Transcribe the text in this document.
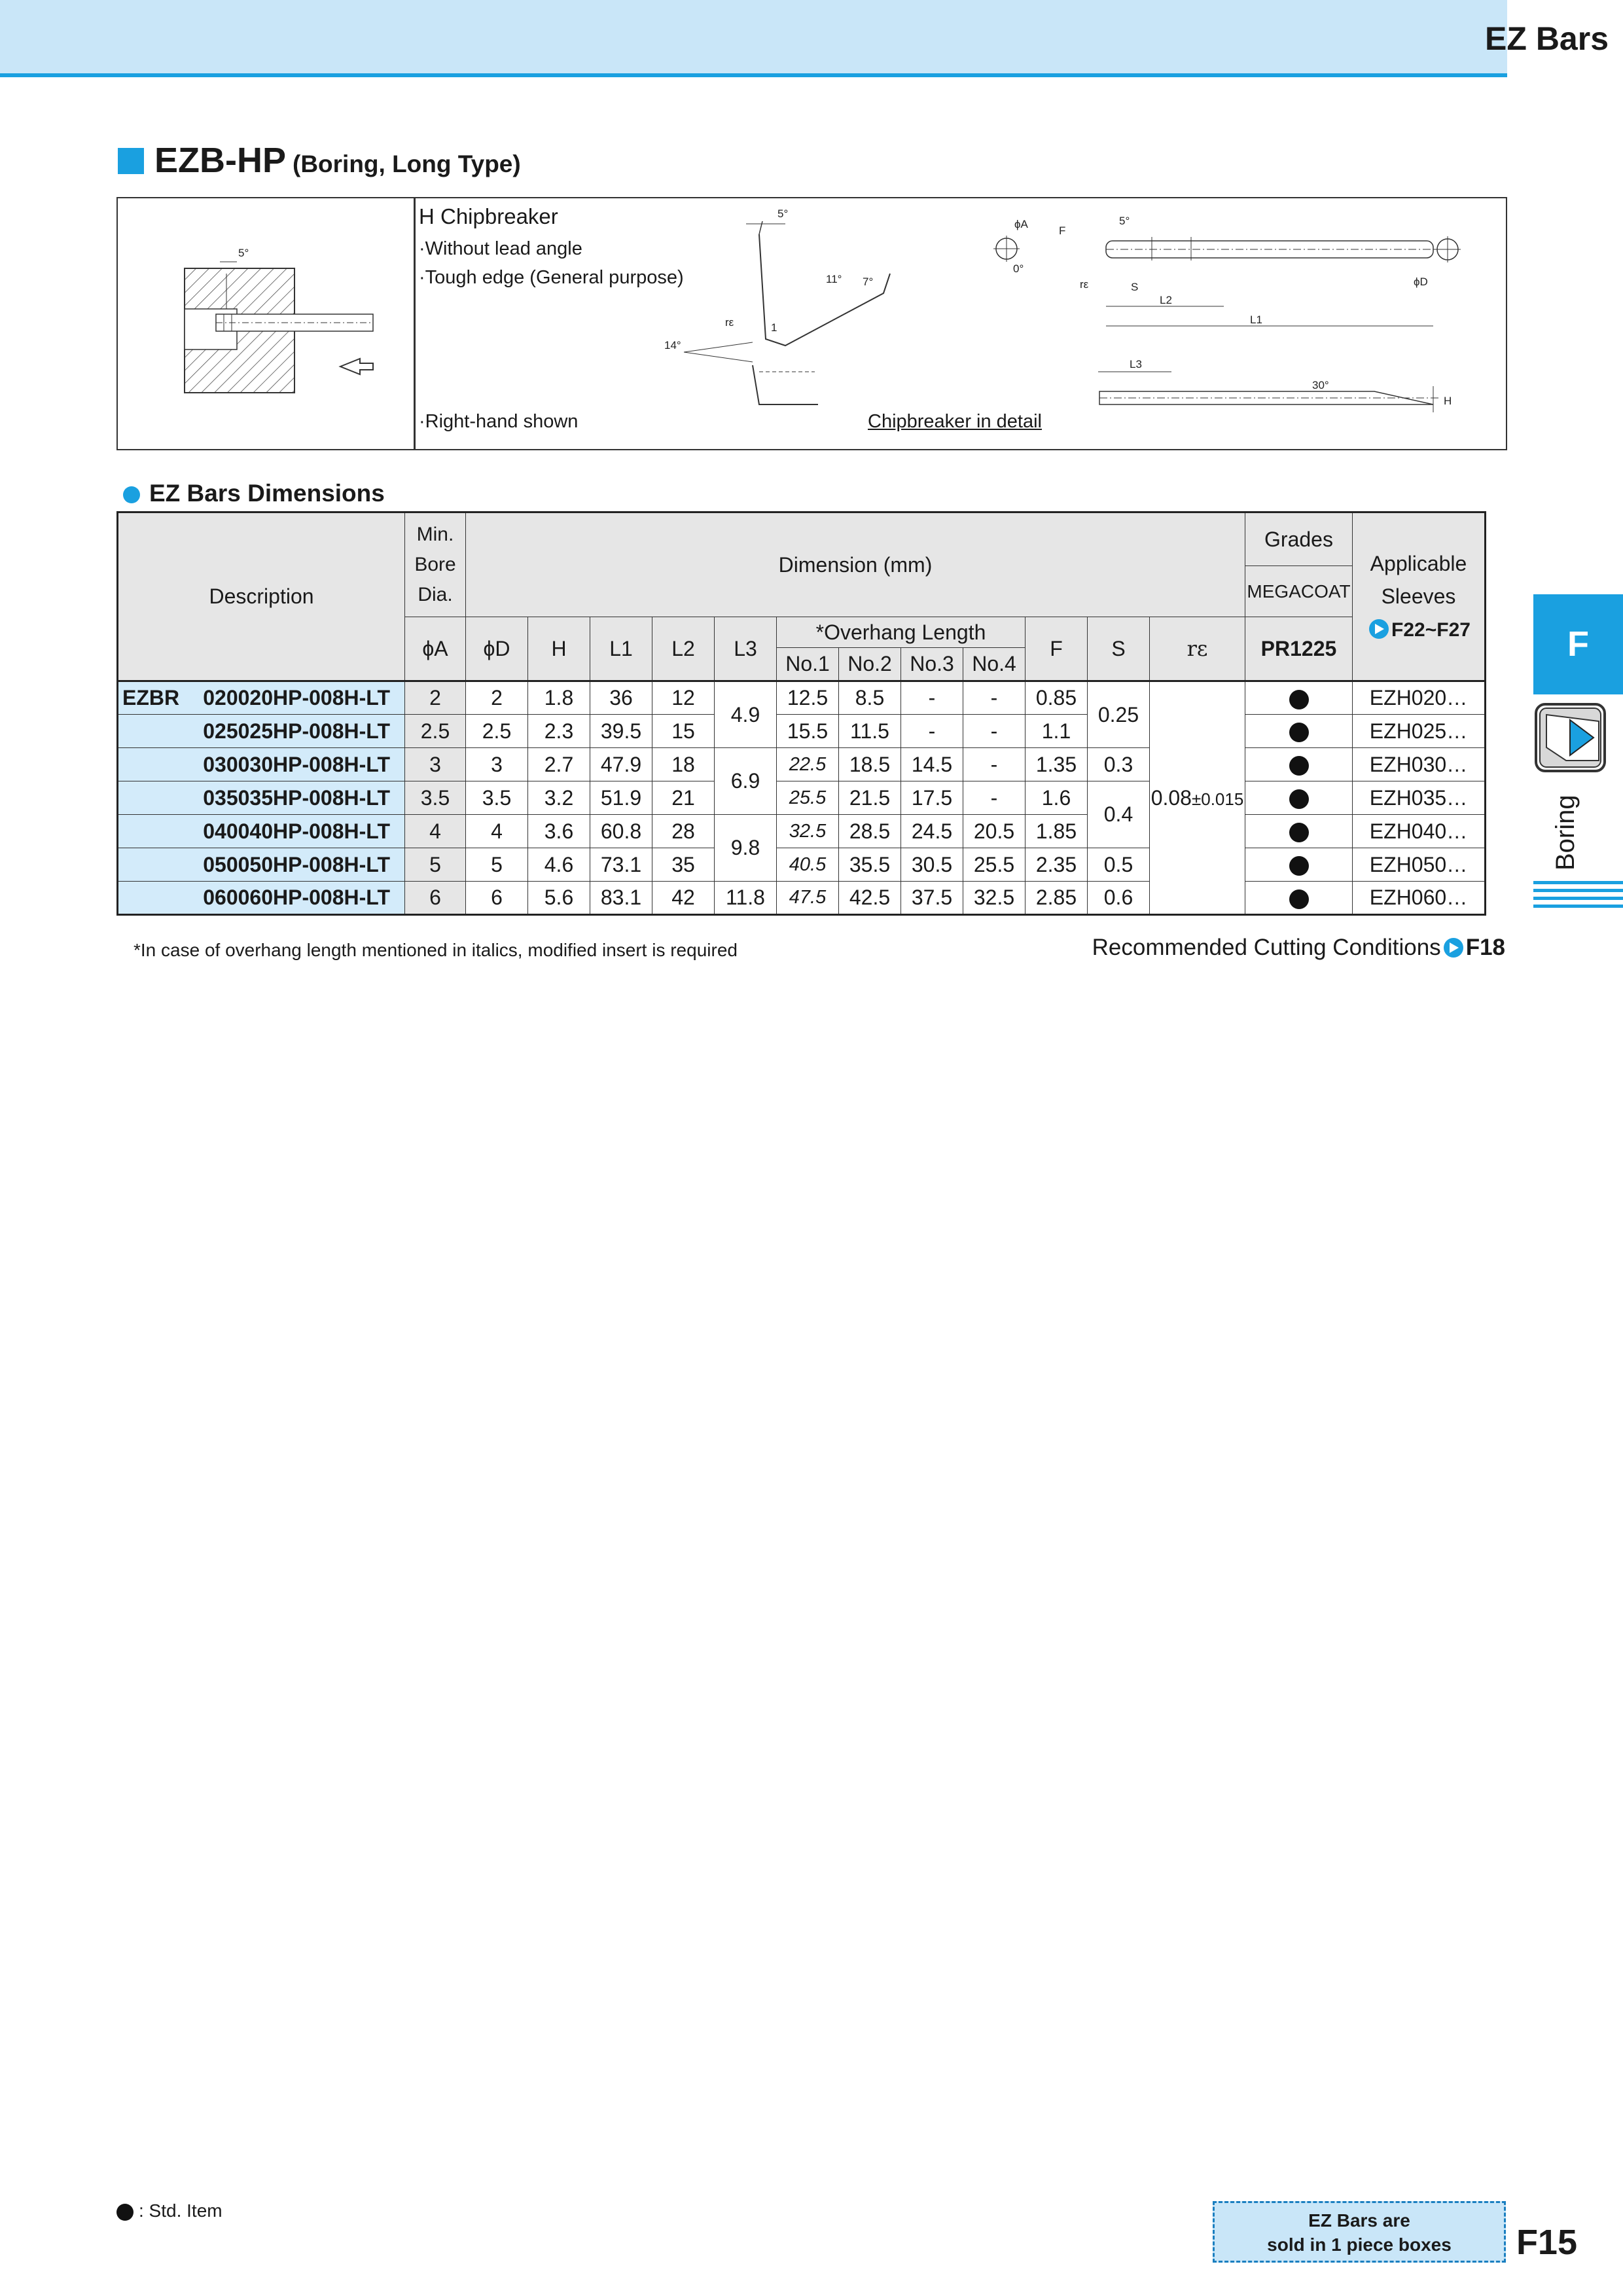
EZ Bars
EZB-HP (Boring, Long Type)
5°
H Chipbreaker
·Without lead angle
·Tough edge (General purpose)
·Right-hand shown	Chipbreaker in detail
5°
11° 7°
rε	1
14°
ϕA
0°
F
rε
5°
S
L2
L1
ϕD
L3
30°
H
EZ Bars Dimensions
Description	Min.
Bore
Dia.	Dimension (mm)												Grades	Applicable
Sleeves
F22~F27
														MEGACOAT	
	ϕA	ϕD	H	L1	L2	L3	*Overhang Length				F	S	rε	PR1225	
							No.1	No.2	No.3	No.4					

EZBR 020020HP-008H-LT	2	2	1.8	36	12	4.9	12.5	8.5	-	-	0.85	0.25	0.08±0.015		EZH020…
025025HP-008H-LT	2.5	2.5	2.3	39.5	15		15.5	11.5	-	-	1.1				EZH025…
030030HP-008H-LT	3	3	2.7	47.9	18	6.9	22.5	18.5	14.5	-	1.35	0.3			EZH030…
035035HP-008H-LT	3.5	3.5	3.2	51.9	21		25.5	21.5	17.5	-	1.6	0.4			EZH035…
040040HP-008H-LT	4	4	3.6	60.8	28	9.8	32.5	28.5	24.5	20.5	1.85				EZH040…
050050HP-008H-LT	5	5	4.6	73.1	35		40.5	35.5	30.5	25.5	2.35	0.5			EZH050…
060060HP-008H-LT	6	6	5.6	83.1	42	11.8	47.5	42.5	37.5	32.5	2.85	0.6			EZH060…
*In case of overhang length mentioned in italics, modified insert is required	Recommended Cutting Conditions F18
F
Boring
: Std. Item	EZ Bars are
sold in 1 piece boxes	F15
